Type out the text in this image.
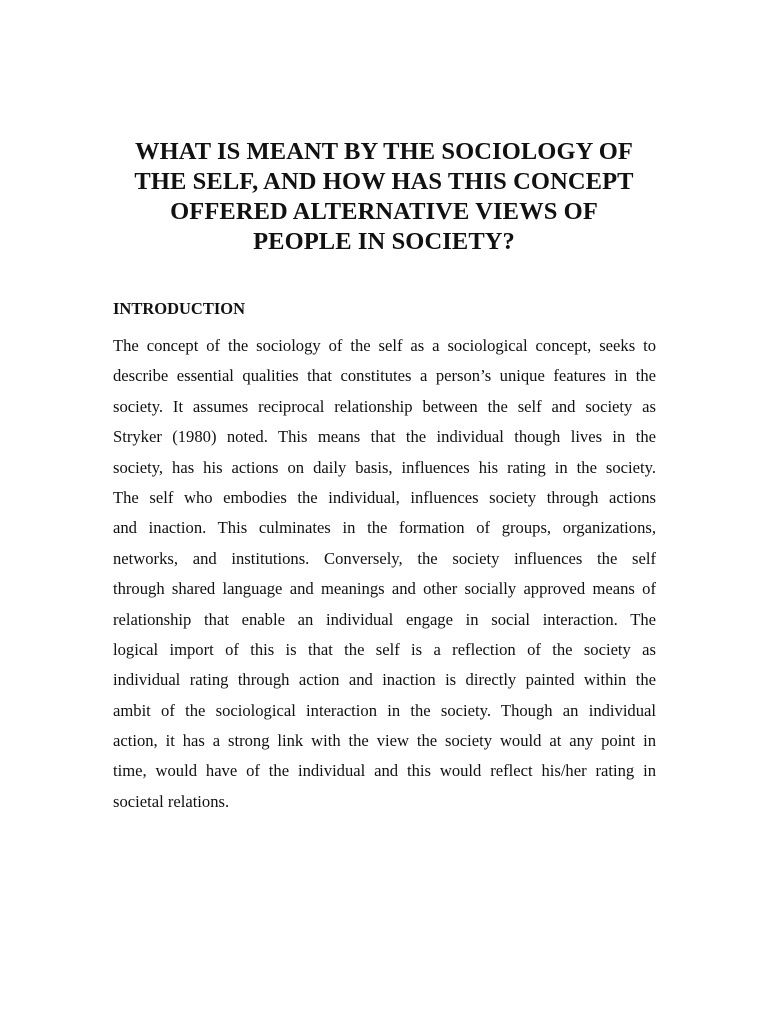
WHAT IS MEANT BY THE SOCIOLOGY OF
THE SELF, AND HOW HAS THIS CONCEPT
OFFERED ALTERNATIVE VIEWS OF
PEOPLE IN SOCIETY?
INTRODUCTION
The concept of the sociology of the self as a sociological concept, seeks to
describe essential qualities that constitutes a person’s unique features in the
society. It assumes reciprocal relationship between the self and society as
Stryker (1980) noted. This means that the individual though lives in the
society, has his actions on daily basis, influences his rating in the society.
The self who embodies the individual, influences society through actions
and inaction. This culminates in the formation of groups, organizations,
networks, and institutions. Conversely, the society influences the self
through shared language and meanings and other socially approved means of
relationship that enable an individual engage in social interaction. The
logical import of this is that the self is a reflection of the society as
individual rating through action and inaction is directly painted within the
ambit of the sociological interaction in the society. Though an individual
action, it has a strong link with the view the society would at any point in
time, would have of the individual and this would reflect his/her rating in
societal relations.
